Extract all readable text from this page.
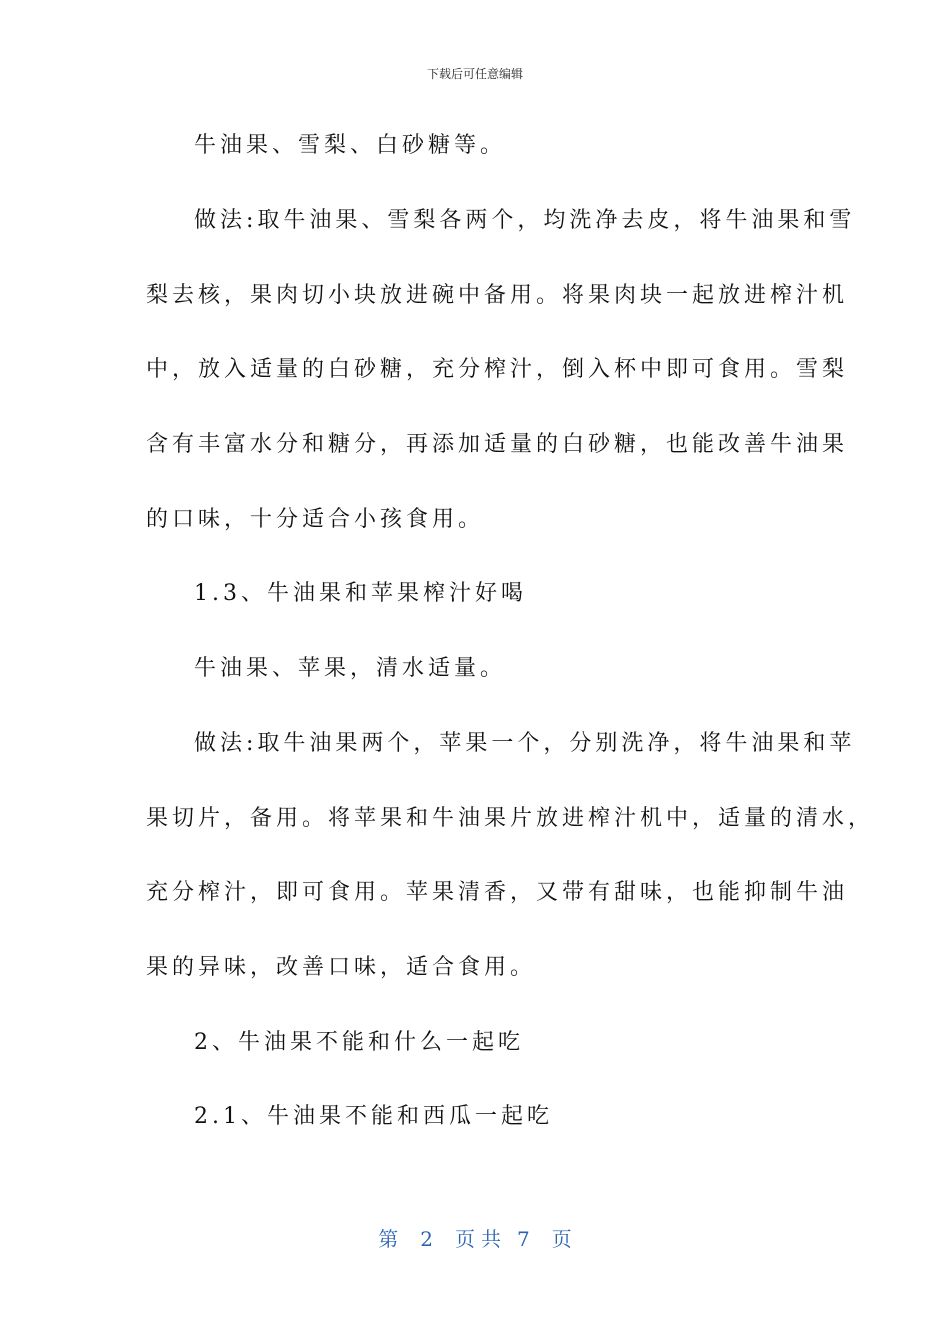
下载后可任意编辑
牛油果、雪梨、白砂糖等。
做法:取牛油果、雪梨各两个，均洗净去皮，将牛油果和雪
梨去核，果肉切小块放进碗中备用。将果肉块一起放进榨汁机
中，放入适量的白砂糖，充分榨汁，倒入杯中即可食用。雪梨
含有丰富水分和糖分，再添加适量的白砂糖，也能改善牛油果
的口味，十分适合小孩食用。
1.3、牛油果和苹果榨汁好喝
牛油果、苹果，清水适量。
做法:取牛油果两个，苹果一个，分别洗净，将牛油果和苹
果切片，备用。将苹果和牛油果片放进榨汁机中，适量的清水，
充分榨汁，即可食用。苹果清香，又带有甜味，也能抑制牛油
果的异味，改善口味，适合食用。
2、牛油果不能和什么一起吃
2.1、牛油果不能和西瓜一起吃
第 2 页共 7 页
